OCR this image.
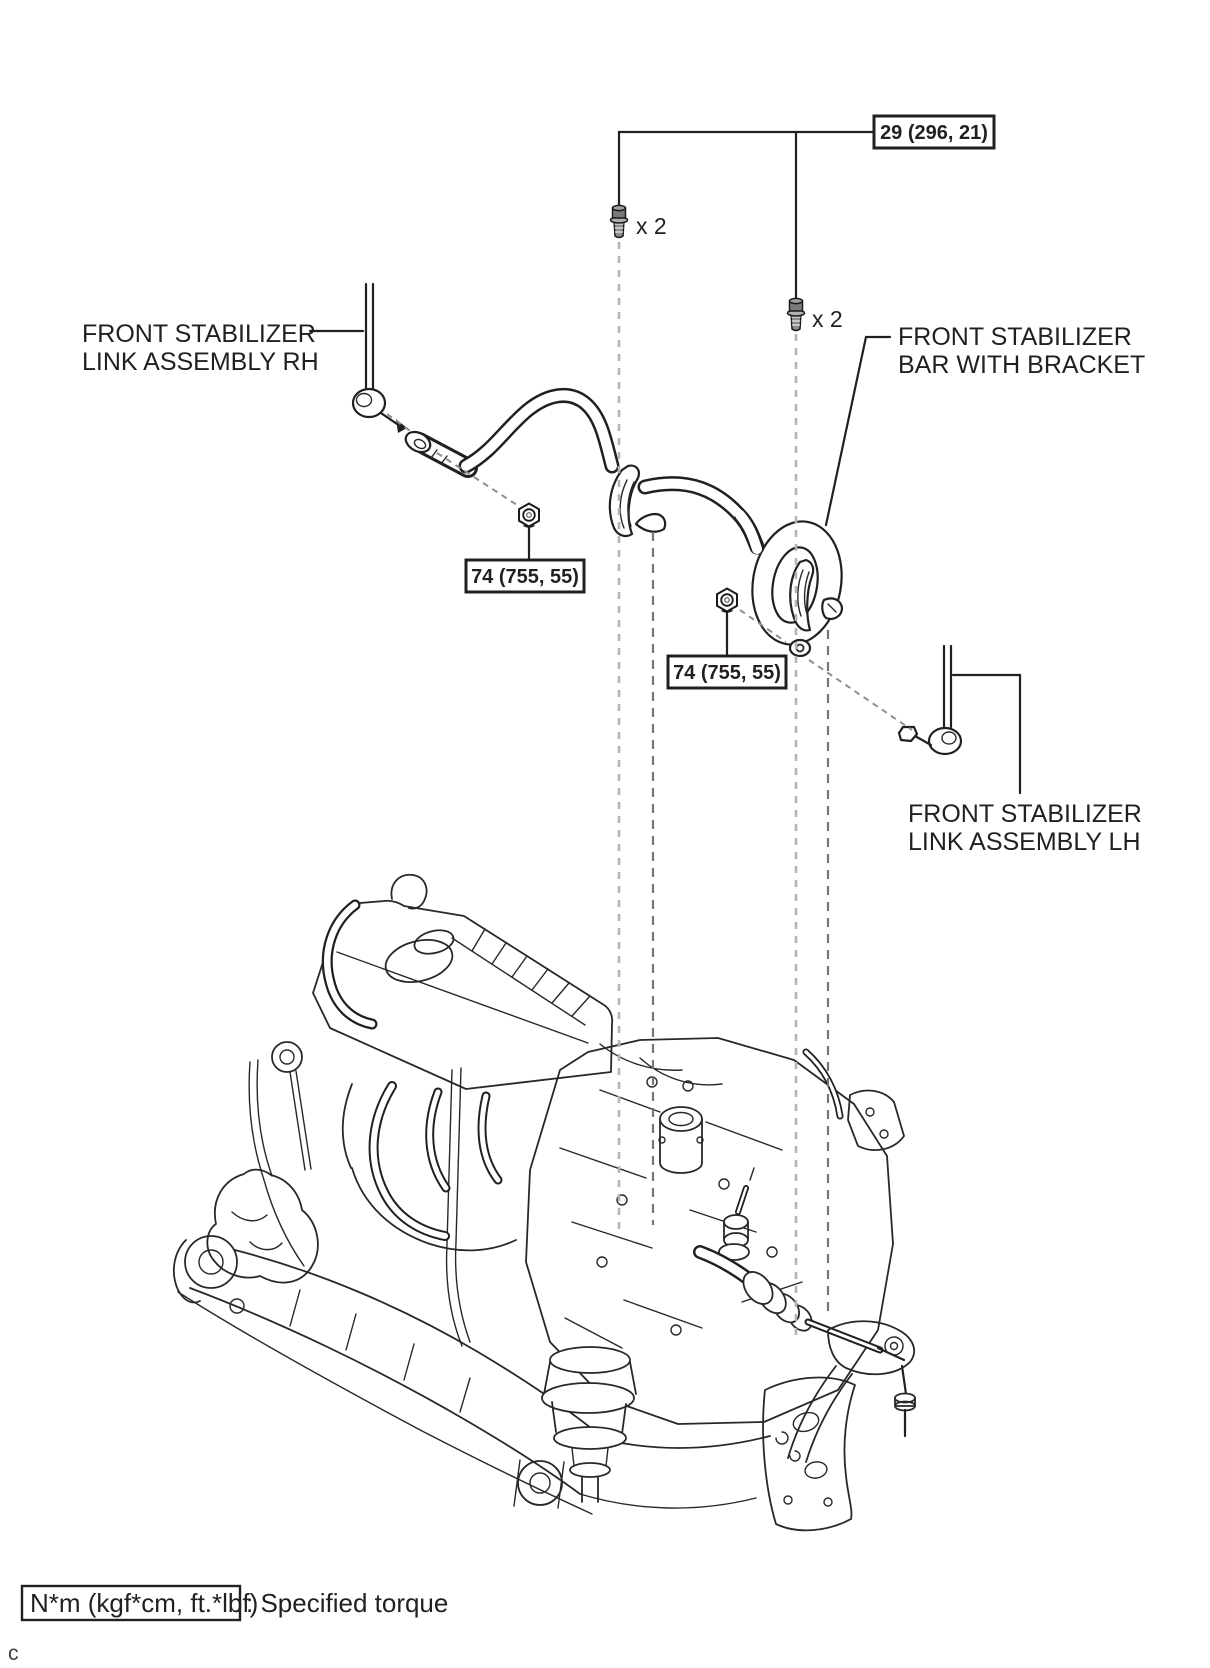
x 2
x 2
29 (296, 21)
74 (755, 55)
74 (755, 55)
FRONT STABILIZER
LINK ASSEMBLY RH
FRONT STABILIZER
BAR WITH BRACKET
FRONT STABILIZER
LINK ASSEMBLY LH
N*m (kgf*cm, ft.*lbf)
: Specified torque
c
